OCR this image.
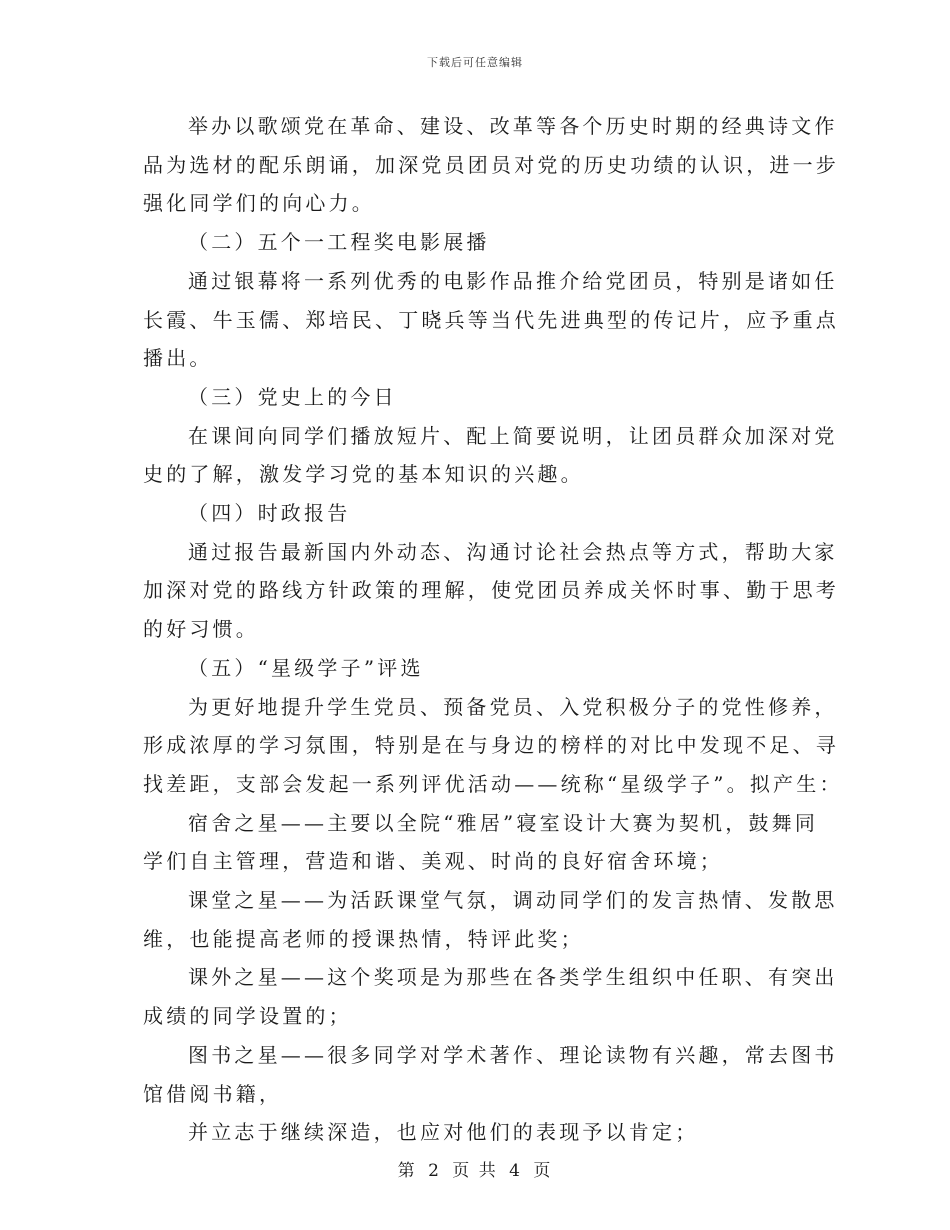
下载后可任意编辑

举办以歌颂党在革命、建设、改革等各个历史时期的经典诗文作
品为选材的配乐朗诵，加深党员团员对党的历史功绩的认识，进一步
强化同学们的向心力。

（二）五个一工程奖电影展播

通过银幕将一系列优秀的电影作品推介给党团员，特别是诸如任
长霞、牛玉儒、郑培民、丁晓兵等当代先进典型的传记片，应予重点
播出。

（三）党史上的今日

在课间向同学们播放短片、配上简要说明，让团员群众加深对党
史的了解，激发学习党的基本知识的兴趣。

（四）时政报告

通过报告最新国内外动态、沟通讨论社会热点等方式，帮助大家
加深对党的路线方针政策的理解，使党团员养成关怀时事、勤于思考
的好习惯。

（五）“星级学子”评选

为更好地提升学生党员、预备党员、入党积极分子的党性修养，
形成浓厚的学习氛围，特别是在与身边的榜样的对比中发现不足、寻
找差距，支部会发起一系列评优活动——统称“星级学子”。拟产生：

宿舍之星——主要以全院“雅居”寝室设计大赛为契机，鼓舞同
学们自主管理，营造和谐、美观、时尚的良好宿舍环境；

课堂之星——为活跃课堂气氛，调动同学们的发言热情、发散思
维，也能提高老师的授课热情，特评此奖；

课外之星——这个奖项是为那些在各类学生组织中任职、有突出
成绩的同学设置的；

图书之星——很多同学对学术著作、理论读物有兴趣，常去图书
馆借阅书籍，

并立志于继续深造，也应对他们的表现予以肯定；

第 2 页 共 4 页
